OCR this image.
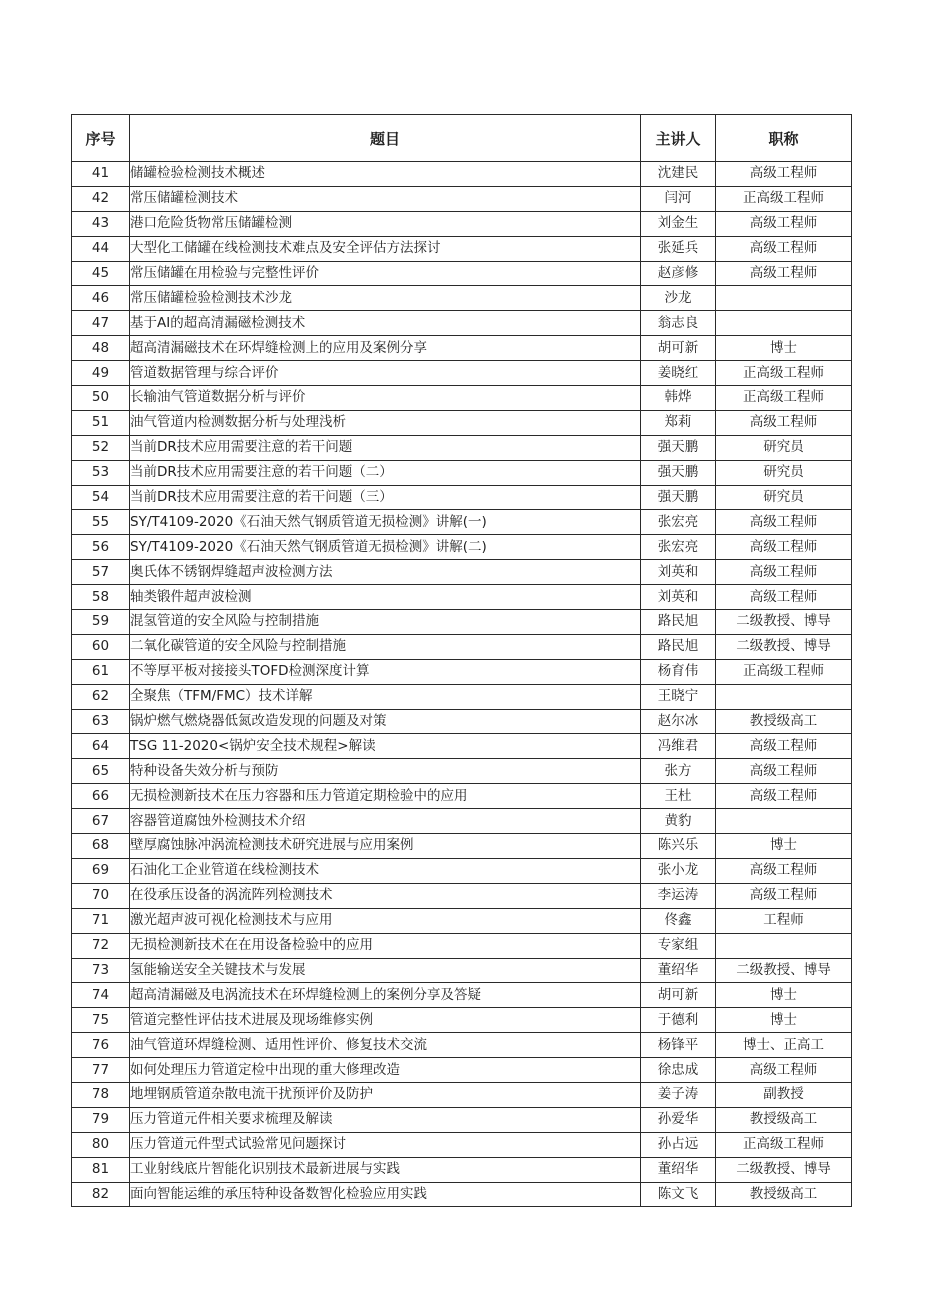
序号	题目	主讲人	职称
41	储罐检验检测技术概述	沈建民	高级工程师
42	常压储罐检测技术	闫河	正高级工程师
43	港口危险货物常压储罐检测	刘金生	高级工程师
44	大型化工储罐在线检测技术难点及安全评估方法探讨	张延兵	高级工程师
45	常压储罐在用检验与完整性评价	赵彦修	高级工程师
46	常压储罐检验检测技术沙龙	沙龙	
47	基于AI的超高清漏磁检测技术	翁志良	
48	超高清漏磁技术在环焊缝检测上的应用及案例分享	胡可新	博士
49	管道数据管理与综合评价	姜晓红	正高级工程师
50	长输油气管道数据分析与评价	韩烨	正高级工程师
51	油气管道内检测数据分析与处理浅析	郑莉	高级工程师
52	当前DR技术应用需要注意的若干问题	强天鹏	研究员
53	当前DR技术应用需要注意的若干问题（二）	强天鹏	研究员
54	当前DR技术应用需要注意的若干问题（三）	强天鹏	研究员
55	SY/T4109-2020《石油天然气钢质管道无损检测》讲解(一)	张宏亮	高级工程师
56	SY/T4109-2020《石油天然气钢质管道无损检测》讲解(二)	张宏亮	高级工程师
57	奥氏体不锈钢焊缝超声波检测方法	刘英和	高级工程师
58	轴类锻件超声波检测	刘英和	高级工程师
59	混氢管道的安全风险与控制措施	路民旭	二级教授、博导
60	二氧化碳管道的安全风险与控制措施	路民旭	二级教授、博导
61	不等厚平板对接接头TOFD检测深度计算	杨育伟	正高级工程师
62	全聚焦（TFM/FMC）技术详解	王晓宁	
63	锅炉燃气燃烧器低氮改造发现的问题及对策	赵尔冰	教授级高工
64	TSG 11-2020<锅炉安全技术规程>解读	冯维君	高级工程师
65	特种设备失效分析与预防	张方	高级工程师
66	无损检测新技术在压力容器和压力管道定期检验中的应用	王杜	高级工程师
67	容器管道腐蚀外检测技术介绍	黄豹	
68	壁厚腐蚀脉冲涡流检测技术研究进展与应用案例	陈兴乐	博士
69	石油化工企业管道在线检测技术	张小龙	高级工程师
70	在役承压设备的涡流阵列检测技术	李运涛	高级工程师
71	激光超声波可视化检测技术与应用	佟鑫	工程师
72	无损检测新技术在在用设备检验中的应用	专家组	
73	氢能输送安全关键技术与发展	董绍华	二级教授、博导
74	超高清漏磁及电涡流技术在环焊缝检测上的案例分享及答疑	胡可新	博士
75	管道完整性评估技术进展及现场维修实例	于德利	博士
76	油气管道环焊缝检测、适用性评价、修复技术交流	杨锋平	博士、正高工
77	如何处理压力管道定检中出现的重大修理改造	徐忠成	高级工程师
78	地埋钢质管道杂散电流干扰预评价及防护	姜子涛	副教授
79	压力管道元件相关要求梳理及解读	孙爱华	教授级高工
80	压力管道元件型式试验常见问题探讨	孙占远	正高级工程师
81	工业射线底片智能化识别技术最新进展与实践	董绍华	二级教授、博导
82	面向智能运维的承压特种设备数智化检验应用实践	陈文飞	教授级高工
